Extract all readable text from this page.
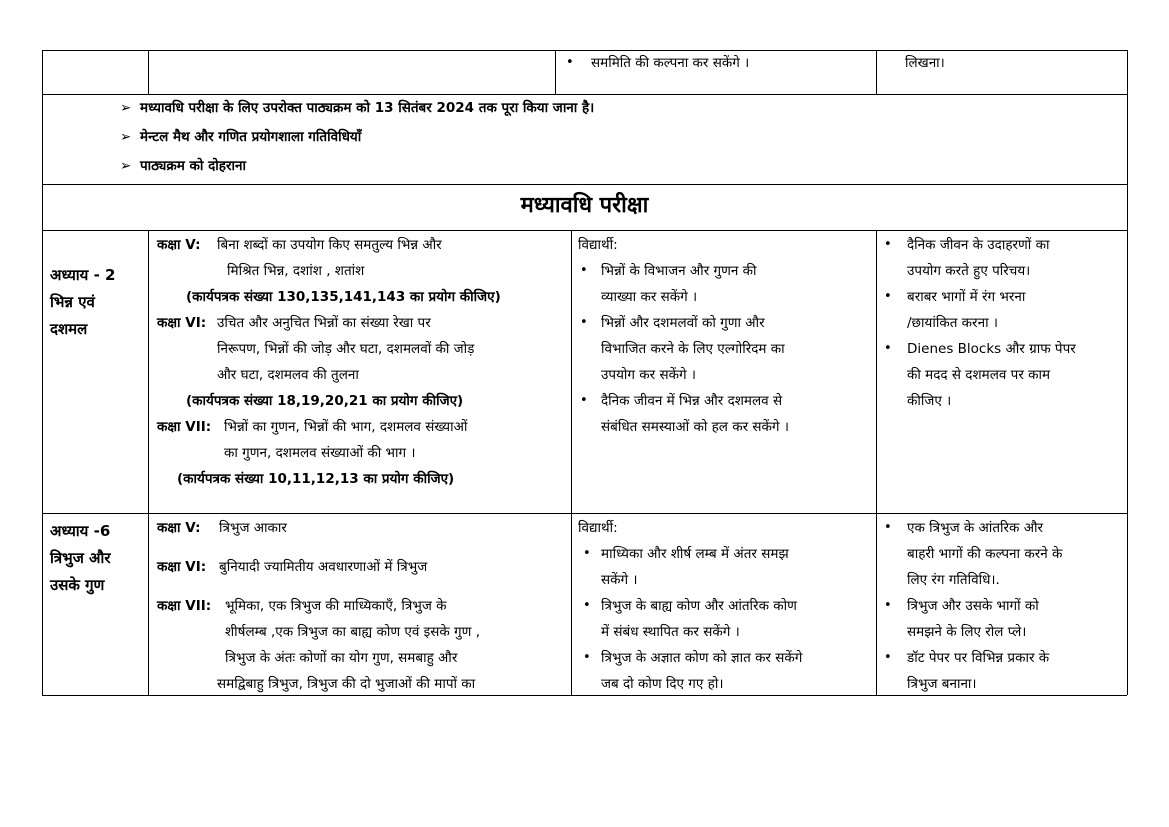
• सममिति की कल्पना कर सकेंगे ।	लिखना।
➢ मध्यावधि परीक्षा के लिए उपरोक्त पाठ्यक्रम को 13 सितंबर 2024 तक पूरा किया जाना है।
➢ मेन्टल मैथ और गणित प्रयोगशाला गतिविधियाँ
➢ पाठ्यक्रम को दोहराना
मध्यावधि परीक्षा
अध्याय - 2
भिन्न एवं
दशमल
कक्षा V: बिना शब्दों का उपयोग किए समतुल्य भिन्न और
मिश्रित भिन्न, दशांश , शतांश
(कार्यपत्रक संख्या 130,135,141,143 का प्रयोग कीजिए)
कक्षा VI: उचित और अनुचित भिन्नों का संख्या रेखा पर
निरूपण, भिन्नों की जोड़ और घटा, दशमलवों की जोड़
और घटा, दशमलव की तुलना
(कार्यपत्रक संख्या 18,19,20,21 का प्रयोग कीजिए)
कक्षा VII: भिन्नों का गुणन, भिन्नों की भाग, दशमलव संख्याओं
का गुणन, दशमलव संख्याओं की भाग ।
(कार्यपत्रक संख्या 10,11,12,13 का प्रयोग कीजिए)
विद्यार्थी:
• भिन्नों के विभाजन और गुणन की
व्याख्या कर सकेंगे ।
• भिन्नों और दशमलवों को गुणा और
विभाजित करने के लिए एल्गोरिदम का
उपयोग कर सकेंगे ।
• दैनिक जीवन में भिन्न और दशमलव से
संबंधित समस्याओं को हल कर सकेंगे ।
• दैनिक जीवन के उदाहरणों का
उपयोग करते हुए परिचय।
• बराबर भागों में रंग भरना
/छायांकित करना ।
• Dienes Blocks और ग्राफ पेपर
की मदद से दशमलव पर काम
कीजिए ।
अध्याय -6
त्रिभुज और
उसके गुण
कक्षा V: त्रिभुज आकार
कक्षा VI: बुनियादी ज्यामितीय अवधारणाओं में त्रिभुज
कक्षा VII: भूमिका, एक त्रिभुज की माध्यिकाएँ, त्रिभुज के
शीर्षलम्ब ,एक त्रिभुज का बाह्य कोण एवं इसके गुण ,
त्रिभुज के अंतः कोणों का योग गुण, समबाहु और
समद्विबाहु त्रिभुज, त्रिभुज की दो भुजाओं की मापों का
विद्यार्थी:
• माध्यिका और शीर्ष लम्ब में अंतर समझ
सकेंगे ।
• त्रिभुज के बाह्य कोण और आंतरिक कोण
में संबंध स्थापित कर सकेंगे ।
• त्रिभुज के अज्ञात कोण को ज्ञात कर सकेंगे
जब दो कोण दिए गए हो।
• एक त्रिभुज के आंतरिक और
बाहरी भागों की कल्पना करने के
लिए रंग गतिविधि।.
• त्रिभुज और उसके भागों को
समझने के लिए रोल प्ले।
• डॉट पेपर पर विभिन्न प्रकार के
त्रिभुज बनाना।
